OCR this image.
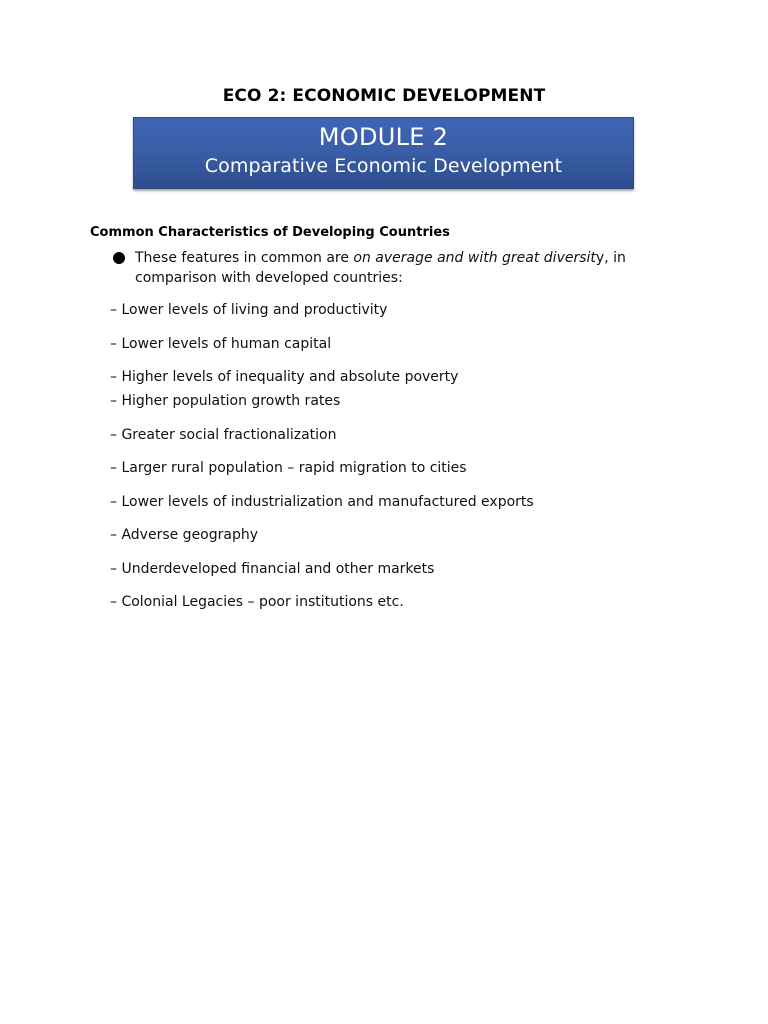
ECO 2: ECONOMIC DEVELOPMENT
MODULE 2
Comparative Economic Development
Common Characteristics of Developing Countries
These features in common are on average and with great diversity, in
comparison with developed countries:
– Lower levels of living and productivity
– Lower levels of human capital
– Higher levels of inequality and absolute poverty
– Higher population growth rates
– Greater social fractionalization
– Larger rural population – rapid migration to cities
– Lower levels of industrialization and manufactured exports
– Adverse geography
– Underdeveloped financial and other markets
– Colonial Legacies – poor institutions etc.
